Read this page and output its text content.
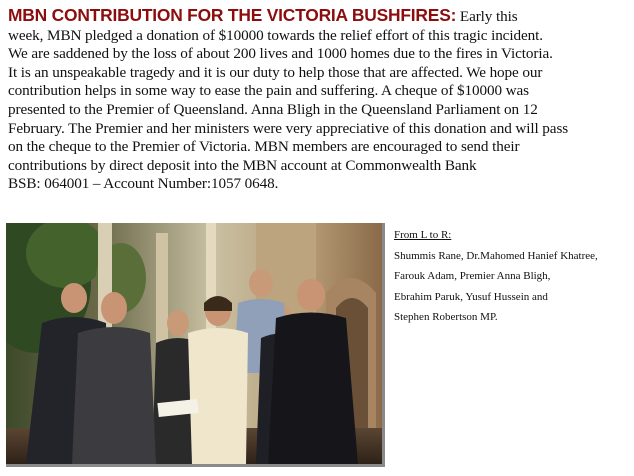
MBN CONTRIBUTION FOR THE VICTORIA BUSHFIRES: Early this
week, MBN pledged a donation of $10000 towards the relief effort of this tragic incident.
We are saddened by the loss of about 200 lives and 1000 homes due to the fires in Victoria.
It is an unspeakable tragedy and it is our duty to help those that are affected. We hope our
contribution helps in some way to ease the pain and suffering. A cheque of $10000 was
presented to the Premier of Queensland. Anna Bligh in the Queensland Parliament on 12
February. The Premier and her ministers were very appreciative of this donation and will pass
on the cheque to the Premier of Victoria. MBN members are encouraged to send their
contributions by direct deposit into the MBN account at Commonwealth Bank
BSB: 064001 – Account Number:1057 0648.
From L to R:
Shummis Rane, Dr.Mahomed Hanief Khatree,
Farouk Adam, Premier Anna Bligh,
Ebrahim Paruk, Yusuf Hussein and
Stephen Robertson MP.
